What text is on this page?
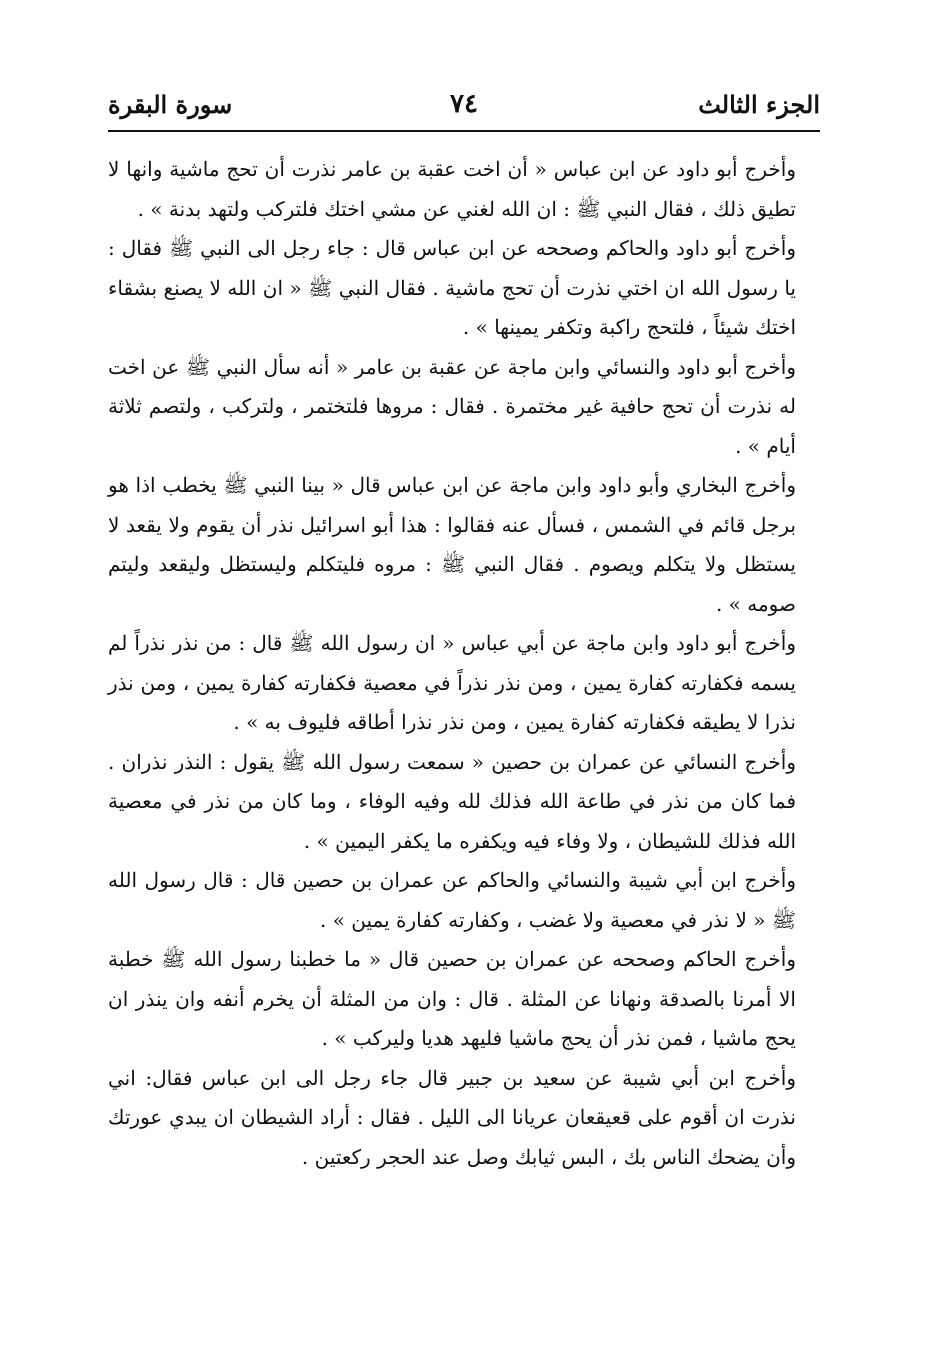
الجزء الثالث
٧٤
سورة البقرة

وأخرج أبو داود عن ابن عباس « أن اخت عقبة بن عامر نذرت أن تحج ماشية وانها لا تطيق ذلك ، فقال النبي ﷺ : ان الله لغني عن مشي اختك فلتركب ولتهد بدنة » .

وأخرج أبو داود والحاكم وصححه عن ابن عباس قال : جاء رجل الى النبي ﷺ فقال : يا رسول الله ان اختي نذرت أن تحج ماشية . فقال النبي ﷺ « ان الله لا يصنع بشقاء اختك شيئاً ، فلتحج راكبة وتكفر يمينها » .

وأخرج أبو داود والنسائي وابن ماجة عن عقبة بن عامر « أنه سأل النبي ﷺ عن اخت له نذرت أن تحج حافية غير مختمرة . فقال : مروها فلتختمر ، ولتركب ، ولتصم ثلاثة أيام » .

وأخرج البخاري وأبو داود وابن ماجة عن ابن عباس قال « بينا النبي ﷺ يخطب اذا هو برجل قائم في الشمس ، فسأل عنه فقالوا : هذا أبو اسرائيل نذر أن يقوم ولا يقعد لا يستظل ولا يتكلم ويصوم . فقال النبي ﷺ : مروه فليتكلم وليستظل وليقعد وليتم صومه » .

وأخرج أبو داود وابن ماجة عن أبي عباس « ان رسول الله ﷺ قال : من نذر نذراً لم يسمه فكفارته كفارة يمين ، ومن نذر نذراً في معصية فكفارته كفارة يمين ، ومن نذر نذرا لا يطيقه فكفارته كفارة يمين ، ومن نذر نذرا أطاقه فليوف به » .

وأخرج النسائي عن عمران بن حصين « سمعت رسول الله ﷺ يقول : النذر نذران . فما كان من نذر في طاعة الله فذلك لله وفيه الوفاء ، وما كان من نذر في معصية الله فذلك للشيطان ، ولا وفاء فيه ويكفره ما يكفر اليمين » .

وأخرج ابن أبي شيبة والنسائي والحاكم عن عمران بن حصين قال : قال رسول الله ﷺ « لا نذر في معصية ولا غضب ، وكفارته كفارة يمين » .

وأخرج الحاكم وصححه عن عمران بن حصين قال « ما خطبنا رسول الله ﷺ خطبة الا أمرنا بالصدقة ونهانا عن المثلة . قال : وان من المثلة أن يخرم أنفه وان ينذر ان يحج ماشيا ، فمن نذر أن يحج ماشيا فليهد هديا وليركب » .

وأخرج ابن أبي شيبة عن سعيد بن جبير قال جاء رجل الى ابن عباس فقال: اني نذرت ان أقوم على قعيقعان عريانا الى الليل . فقال : أراد الشيطان ان يبدي عورتك وأن يضحك الناس بك ، البس ثيابك وصل عند الحجر ركعتين .
